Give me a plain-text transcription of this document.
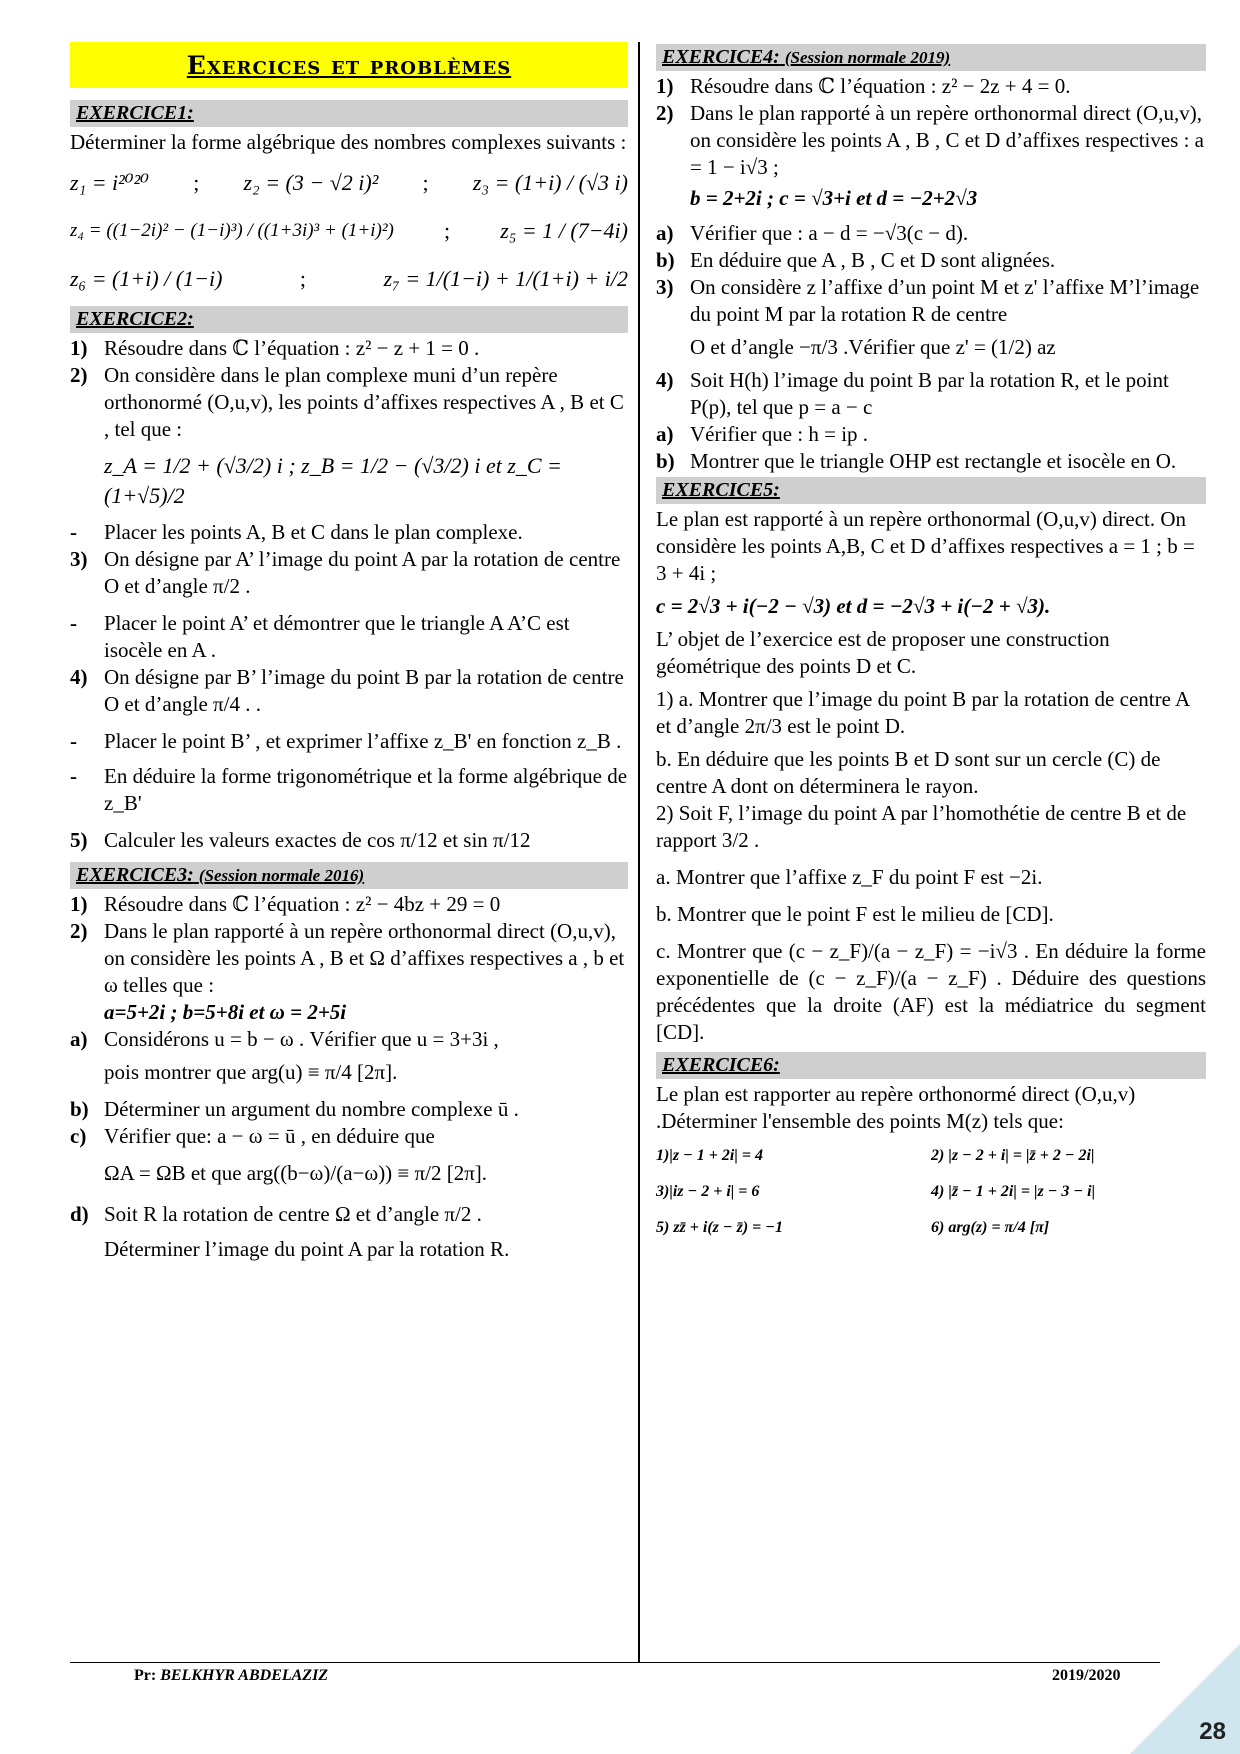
Exercices et problèmes
EXERCICE1:

Déterminer la forme algébrique des nombres complexes suivants :

z₁ = i²⁰²⁰ ; z₂ = (3 − √2 i)² ; z₃ = (1+i) / (√3 i)
z₄ = ((1−2i)² − (1−i)³) / ((1+3i)³ + (1+i)²) ; z₅ = 1 / (7−4i)
z₆ = (1+i) / (1−i)	;	z₇ = 1/(1−i) + 1/(1+i) + i/2
EXERCICE2:
1) Résoudre dans ℂ l’équation : z² − z + 1 = 0 .
2) On considère dans le plan complexe muni d’un repère orthonormé (O,u,v), les points d’affixes respectives A , B et C , tel que :

z_A = 1/2 + (√3/2) i ; z_B = 1/2 − (√3/2) i et z_C = (1+√5)/2

-	Placer les points A, B et C dans le plan complexe.
3) On désigne par A’ l’image du point A par la rotation de centre O et d’angle π/2 .
-	Placer le point A’ et démontrer que le triangle A A’C est isocèle en A .
4) On désigne par B’ l’image du point B par la rotation de centre O et d’angle π/4 . .
-	Placer le point B’ , et exprimer l’affixe z_B' en fonction z_B .
-	En déduire la forme trigonométrique et la forme algébrique de z_B'
5) Calculer les valeurs exactes de cos π/12 et sin π/12
EXERCICE3: (Session normale 2016)
1) Résoudre dans ℂ l’équation : z² − 4bz + 29 = 0
2) Dans le plan rapporté à un repère orthonormal direct (O,u,v), on considère les points A , B et Ω d’affixes respectives a , b et ω telles que :

a=5+2i ; b=5+8i et ω = 2+5i

a) Considérons u = b − ω . Vérifier que u = 3+3i ,

pois montrer que arg(u) ≡ π/4 [2π].

b) Déterminer un argument du nombre complexe ū .
c) Vérifier que: a − ω = ū , en déduire que

ΩA = ΩB et que arg((b−ω)/(a−ω)) ≡ π/2 [2π].

d) Soit R la rotation de centre Ω et d’angle π/2 .

Déterminer l’image du point A par la rotation R.

EXERCICE4: (Session normale 2019)
1) Résoudre dans ℂ l’équation : z² − 2z + 4 = 0.
2) Dans le plan rapporté à un repère orthonormal direct (O,u,v), on considère les points A , B , C et D d’affixes respectives : a = 1 − i√3 ;

b = 2+2i ; c = √3+i et d = −2+2√3

a) Vérifier que : a − d = −√3(c − d).
b) En déduire que A , B , C et D sont alignées.
3) On considère z l’affixe d’un point M et z' l’affixe M’l’image du point M par la rotation R de centre

O et d’angle −π/3 .Vérifier que z' = (1/2) az

4) Soit H(h) l’image du point B par la rotation R, et le point P(p), tel que p = a − c
a) Vérifier que : h = ip .
b) Montrer que le triangle OHP est rectangle et isocèle en O.
EXERCICE5:

Le plan est rapporté à un repère orthonormal (O,u,v) direct. On considère les points A,B, C et D d’affixes respectives a = 1 ; b = 3 + 4i ;

c = 2√3 + i(−2 − √3) et d = −2√3 + i(−2 + √3).

L’ objet de l’exercice est de proposer une construction géométrique des points D et C.

1) a. Montrer que l’image du point B par la rotation de centre A et d’angle 2π/3 est le point D.

b. En déduire que les points B et D sont sur un cercle (C) de centre A dont on déterminera le rayon.

2) Soit F, l’image du point A par l’homothétie de centre B et de rapport 3/2 .

a. Montrer que l’affixe z_F du point F est −2i.

b. Montrer que le point F est le milieu de [CD].

c. Montrer que (c − z_F)/(a − z_F) = −i√3 . En déduire la forme exponentielle de (c − z_F)/(a − z_F) . Déduire des questions précédentes que la droite (AF) est la médiatrice du segment [CD].

EXERCICE6:

Le plan est rapporter au repère orthonormé direct (O,u,v) .Déterminer l'ensemble des points M(z) tels que:

1)|z − 1 + 2i| = 4	2) |z − 2 + i| = |z̄ + 2 − 2i|
3)|iz − 2 + i| = 6	4) |z̄ − 1 + 2i| = |z − 3 − i|
5) zz̄ + i(z − z̄) = −1	6) arg(z) = π/4 [π]
Pr: BELKHYR ABDELAZIZ	2019/2020
28
